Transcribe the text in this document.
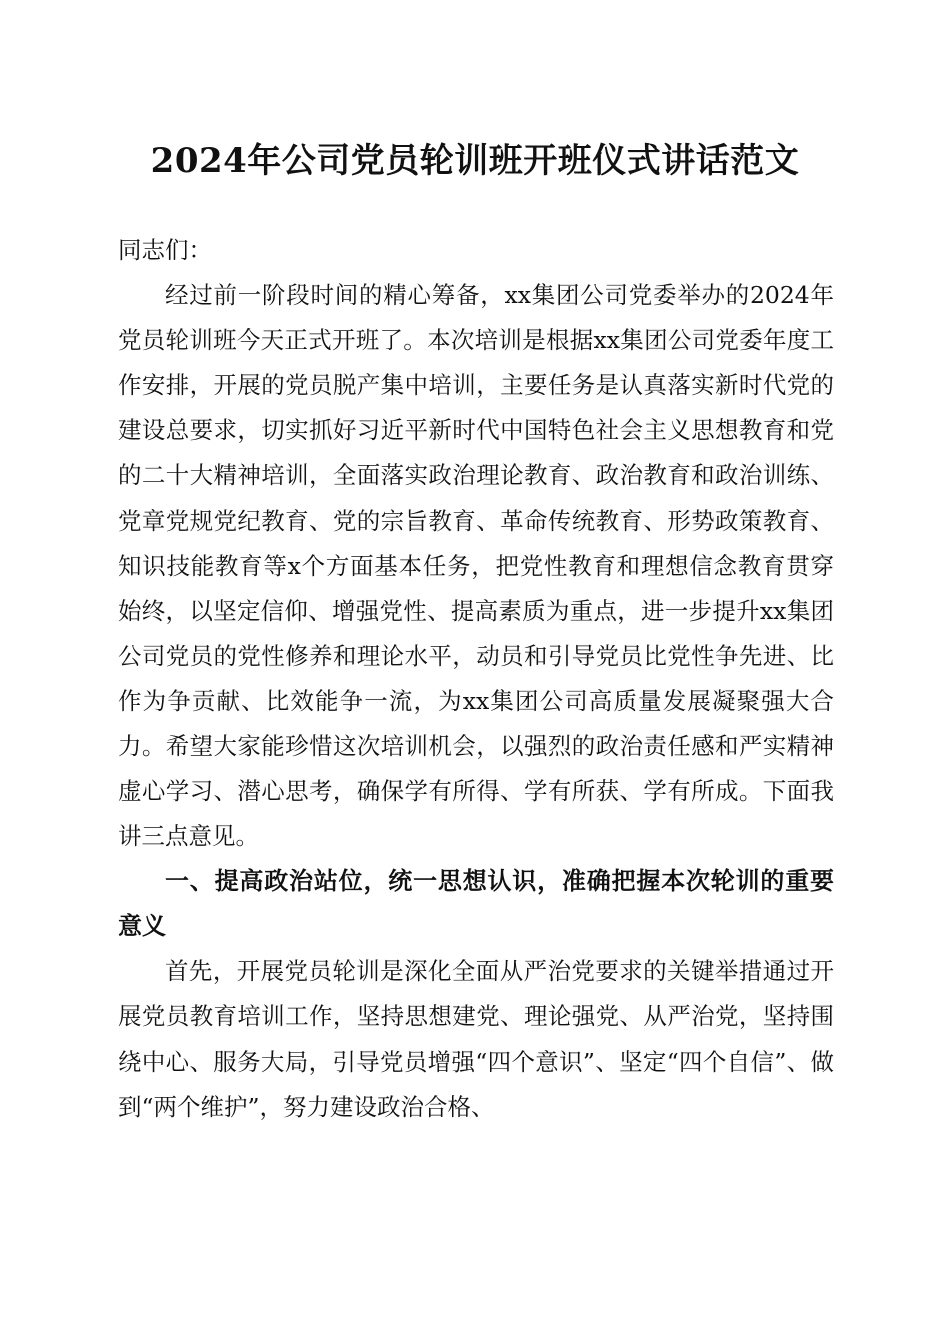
2024年公司党员轮训班开班仪式讲话范文

同志们：

经过前一阶段时间的精心筹备，xx集团公司党委举办的2024年党员轮训班今天正式开班了。本次培训是根据xx集团公司党委年度工作安排，开展的党员脱产集中培训，主要任务是认真落实新时代党的建设总要求，切实抓好习近平新时代中国特色社会主义思想教育和党的二十大精神培训，全面落实政治理论教育、政治教育和政治训练、党章党规党纪教育、党的宗旨教育、革命传统教育、形势政策教育、知识技能教育等x个方面基本任务，把党性教育和理想信念教育贯穿始终，以坚定信仰、增强党性、提高素质为重点，进一步提升xx集团公司党员的党性修养和理论水平，动员和引导党员比党性争先进、比作为争贡献、比效能争一流，为xx集团公司高质量发展凝聚强大合力。希望大家能珍惜这次培训机会，以强烈的政治责任感和严实精神虚心学习、潜心思考，确保学有所得、学有所获、学有所成。下面我讲三点意见。

一、提高政治站位，统一思想认识，准确把握本次轮训的重要意义

首先，开展党员轮训是深化全面从严治党要求的关键举措通过开展党员教育培训工作，坚持思想建党、理论强党、从严治党，坚持围绕中心、服务大局，引导党员增强“四个意识”、坚定“四个自信”、做到“两个维护”，努力建设政治合格、
